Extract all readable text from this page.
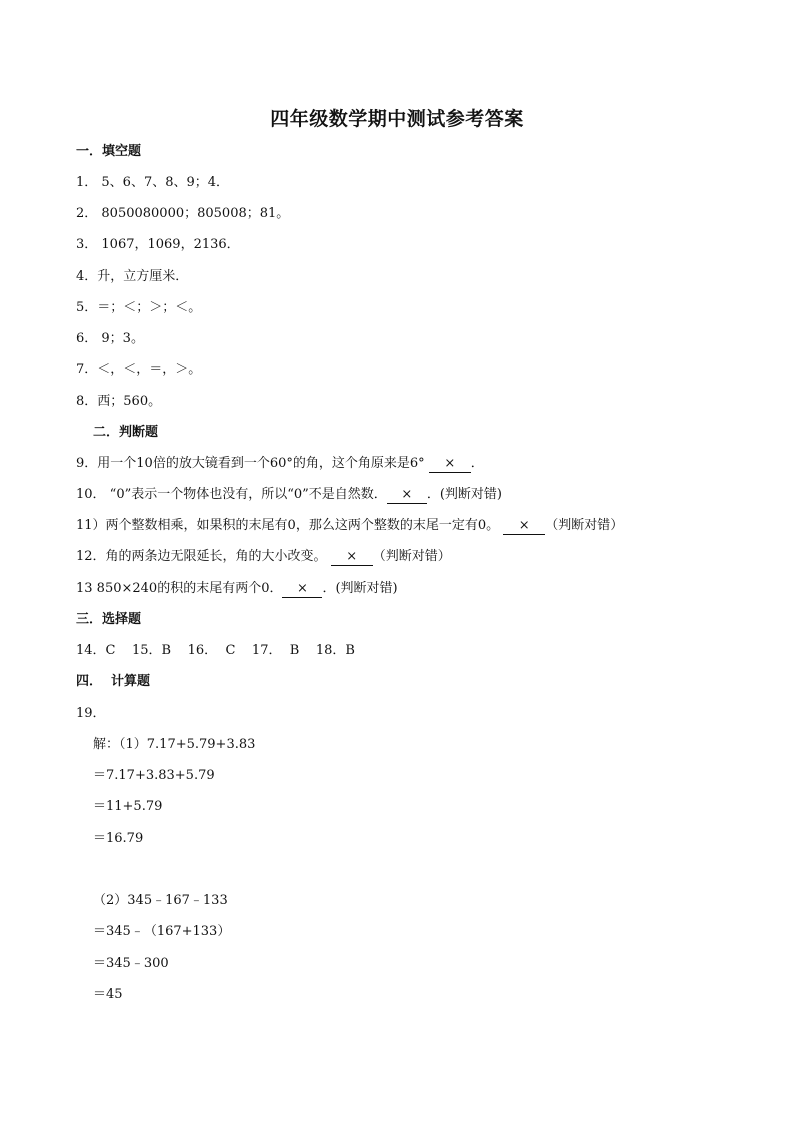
四年级数学期中测试参考答案
一．填空题
1． 5、6、7、8、9；4．
2． 8050080000；805008；81。
3． 1067，1069，2136．
4．升，立方厘米．
5．＝；＜；＞；＜。
6． 9；3。
7．＜，＜，＝，＞。
8．西；560。
二．判断题
9．用一个10倍的放大镜看到一个60°的角，这个角原来是6° × ．
10． “0”表示一个物体也没有，所以“0”不是自然数． × ．(判断对错)
11）两个整数相乘，如果积的末尾有0，那么这两个整数的末尾一定有0。 × （判断对错）
12．角的两条边无限延长，角的大小改变。 × （判断对错）
13 850×240的积的末尾有两个0． × ．(判断对错)
三．选择题
14．C    15．B    16．  C    17．  B    18．B
四．  计算题
19．
解：（1）7.17+5.79+3.83
＝7.17+3.83+5.79
＝11+5.79
＝16.79
（2）345﹣167﹣133
＝345﹣（167+133）
＝345﹣300
＝45
